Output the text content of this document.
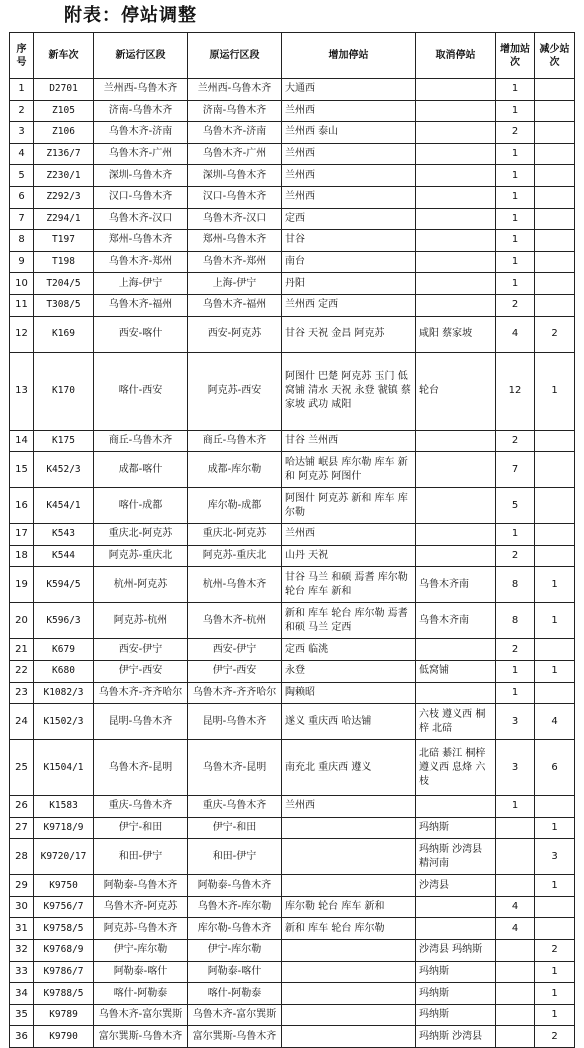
附表：停站调整
序号	新车次	新运行区段	原运行区段	增加停站	取消停站	增加站次	减少站次
1	D2701	兰州西-乌鲁木齐	兰州西-乌鲁木齐	大通西		1	
2	Z105	济南-乌鲁木齐	济南-乌鲁木齐	兰州西		1	
3	Z106	乌鲁木齐-济南	乌鲁木齐-济南	兰州西 泰山		2	
4	Z136/7	乌鲁木齐-广州	乌鲁木齐-广州	兰州西		1	
5	Z230/1	深圳-乌鲁木齐	深圳-乌鲁木齐	兰州西		1	
6	Z292/3	汉口-乌鲁木齐	汉口-乌鲁木齐	兰州西		1	
7	Z294/1	乌鲁木齐-汉口	乌鲁木齐-汉口	定西		1	
8	T197	郑州-乌鲁木齐	郑州-乌鲁木齐	甘谷		1	
9	T198	乌鲁木齐-郑州	乌鲁木齐-郑州	南台		1	
10	T204/5	上海-伊宁	上海-伊宁	丹阳		1	
11	T308/5	乌鲁木齐-福州	乌鲁木齐-福州	兰州西 定西		2	
12	K169	西安-喀什	西安-阿克苏	甘谷 天祝 金昌 阿克苏	咸阳 蔡家坡	4	2
13	K170	喀什-西安	阿克苏-西安	阿图什 巴楚 阿克苏 玉门 低窝铺 清水 天祝 永登 虢镇 蔡家坡 武功 咸阳	轮台	12	1
14	K175	商丘-乌鲁木齐	商丘-乌鲁木齐	甘谷 兰州西		2	
15	K452/3	成都-喀什	成都-库尔勒	哈达铺 岷县 库尔勒 库车 新和 阿克苏 阿图什		7	
16	K454/1	喀什-成都	库尔勒-成都	阿图什 阿克苏 新和 库车 库尔勒		5	
17	K543	重庆北-阿克苏	重庆北-阿克苏	兰州西		1	
18	K544	阿克苏-重庆北	阿克苏-重庆北	山丹 天祝		2	
19	K594/5	杭州-阿克苏	杭州-乌鲁木齐	甘谷 马兰 和硕 焉耆 库尔勒 轮台 库车 新和	乌鲁木齐南	8	1
20	K596/3	阿克苏-杭州	乌鲁木齐-杭州	新和 库车 轮台 库尔勒 焉耆 和硕 马兰 定西	乌鲁木齐南	8	1
21	K679	西安-伊宁	西安-伊宁	定西 临洮		2	
22	K680	伊宁-西安	伊宁-西安	永登	低窝铺	1	1
23	K1082/3	乌鲁木齐-齐齐哈尔	乌鲁木齐-齐齐哈尔	陶赖昭		1	
24	K1502/3	昆明-乌鲁木齐	昆明-乌鲁木齐	遂义 重庆西 哈达铺	六枝 遵义西 桐梓 北碚	3	4
25	K1504/1	乌鲁木齐-昆明	乌鲁木齐-昆明	南充北 重庆西 遵义	北碚 綦江 桐梓 遵义西 息烽 六枝	3	6
26	K1583	重庆-乌鲁木齐	重庆-乌鲁木齐	兰州西		1	
27	K9718/9	伊宁-和田	伊宁-和田		玛纳斯		1
28	K9720/17	和田-伊宁	和田-伊宁		玛纳斯 沙湾县 精河南		3
29	K9750	阿勒泰-乌鲁木齐	阿勒泰-乌鲁木齐		沙湾县		1
30	K9756/7	乌鲁木齐-阿克苏	乌鲁木齐-库尔勒	库尔勒 轮台 库车 新和		4	
31	K9758/5	阿克苏-乌鲁木齐	库尔勒-乌鲁木齐	新和 库车 轮台 库尔勒		4	
32	K9768/9	伊宁-库尔勒	伊宁-库尔勒		沙湾县 玛纳斯		2
33	K9786/7	阿勒泰-喀什	阿勒泰-喀什		玛纳斯		1
34	K9788/5	喀什-阿勒泰	喀什-阿勒泰		玛纳斯		1
35	K9789	乌鲁木齐-富尔巽斯	乌鲁木齐-富尔巽斯		玛纳斯		1
36	K9790	富尔巽斯-乌鲁木齐	富尔巽斯-乌鲁木齐		玛纳斯 沙湾县		2
